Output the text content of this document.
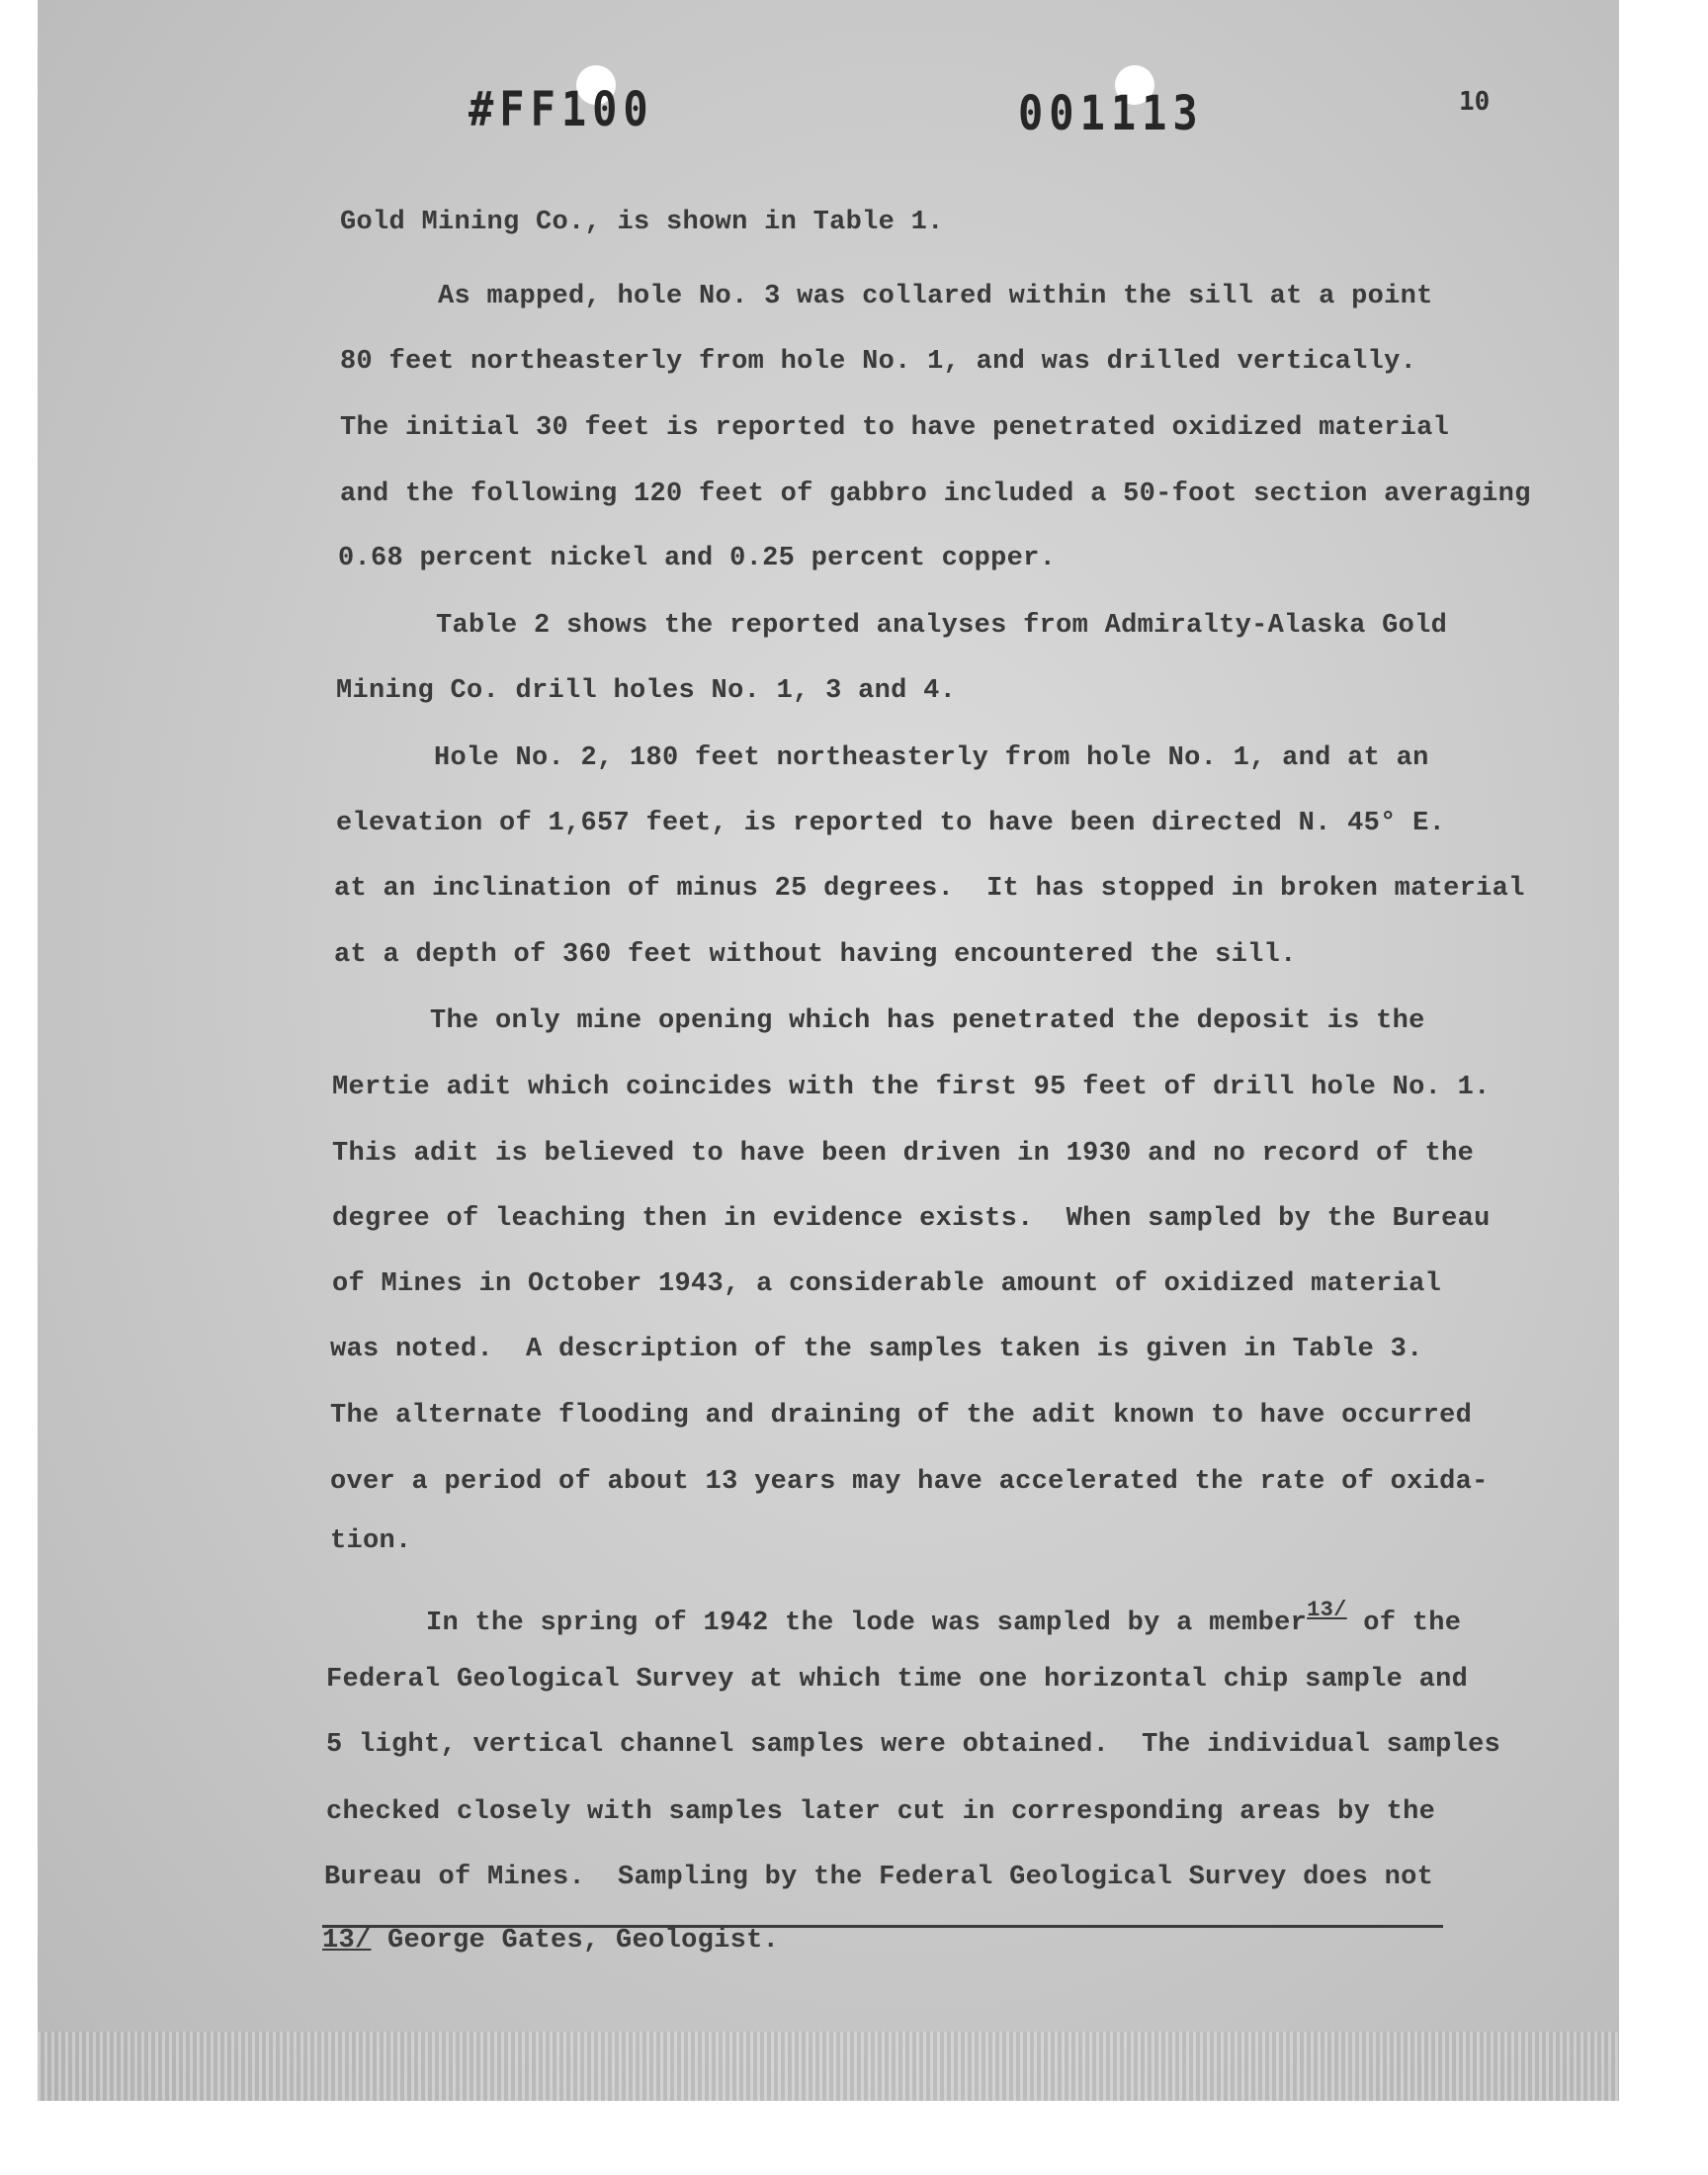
#FF100	001113	10
Gold Mining Co., is shown in Table 1.
As mapped, hole No. 3 was collared within the sill at a point
80 feet northeasterly from hole No. 1, and was drilled vertically.
The initial 30 feet is reported to have penetrated oxidized material
and the following 120 feet of gabbro included a 50-foot section averaging
0.68 percent nickel and 0.25 percent copper.
Table 2 shows the reported analyses from Admiralty-Alaska Gold
Mining Co. drill holes No. 1, 3 and 4.
Hole No. 2, 180 feet northeasterly from hole No. 1, and at an
elevation of 1,657 feet, is reported to have been directed N. 45° E.
at an inclination of minus 25 degrees.  It has stopped in broken material
at a depth of 360 feet without having encountered the sill.
The only mine opening which has penetrated the deposit is the
Mertie adit which coincides with the first 95 feet of drill hole No. 1.
This adit is believed to have been driven in 1930 and no record of the
degree of leaching then in evidence exists.  When sampled by the Bureau
of Mines in October 1943, a considerable amount of oxidized material
was noted.  A description of the samples taken is given in Table 3.
The alternate flooding and draining of the adit known to have occurred
over a period of about 13 years may have accelerated the rate of oxida-
tion.
In the spring of 1942 the lode was sampled by a member$^{13/}$ of the
Federal Geological Survey at which time one horizontal chip sample and
5 light, vertical channel samples were obtained.  The individual samples
checked closely with samples later cut in corresponding areas by the
Bureau of Mines.  Sampling by the Federal Geological Survey does not
13/ George Gates, Geologist.
